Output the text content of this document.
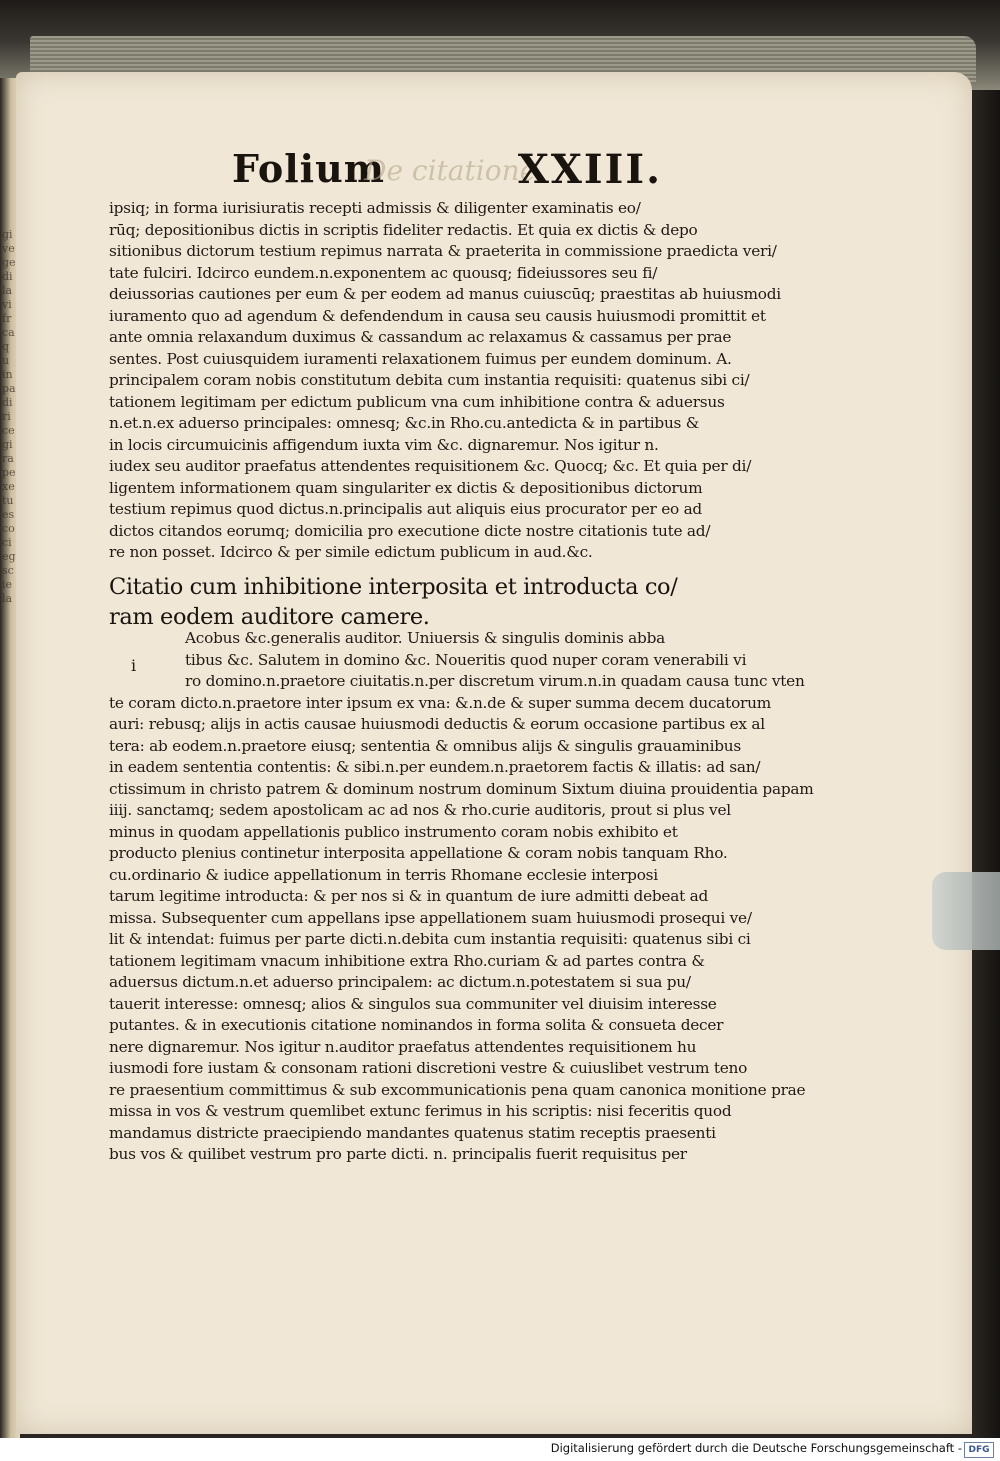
gi ve ge di la vi fr ca qu in pa di ri ce gi ra pe xe tu es co ci eg sc ie la
Folium
De citatione
XXIII.
ipsiq; in forma iurisiuratis recepti admissis & diligenter examinatis eo/
rūq; depositionibus dictis in scriptis fideliter redactis. Et quia ex dictis & depo
sitionibus dictorum testium repimus narrata & praeterita in commissione praedicta veri/
tate fulciri. Idcirco eundem.n.exponentem ac quousq; fideiussores seu fi/
deiussorias cautiones per eum & per eodem ad manus cuiuscūq; praestitas ab huiusmodi
iuramento quo ad agendum & defendendum in causa seu causis huiusmodi promittit et
ante omnia relaxandum duximus & cassandum ac relaxamus & cassamus per prae
sentes. Post cuiusquidem iuramenti relaxationem fuimus per eundem dominum. A.
principalem coram nobis constitutum debita cum instantia requisiti: quatenus sibi ci/
tationem legitimam per edictum publicum vna cum inhibitione contra & aduersus
n.et.n.ex aduerso principales: omnesq; &c.in Rho.cu.antedicta & in partibus &
in locis circumuicinis affigendum iuxta vim &c. dignaremur. Nos igitur n.
iudex seu auditor praefatus attendentes requisitionem &c. Quocq; &c. Et quia per di/
ligentem informationem quam singulariter ex dictis & depositionibus dictorum
testium repimus quod dictus.n.principalis aut aliquis eius procurator per eo ad
dictos citandos eorumq; domicilia pro executione dicte nostre citationis tute ad/
re non posset. Idcirco & per simile edictum publicum in aud.&c.
Citatio cum inhibitione interposita et introducta co/
ram eodem auditore camere.
i
Acobus &c.generalis auditor. Uniuersis & singulis dominis abba
tibus &c. Salutem in domino &c. Noueritis quod nuper coram venerabili vi
ro domino.n.praetore ciuitatis.n.per discretum virum.n.in quadam causa tunc vten
te coram dicto.n.praetore inter ipsum ex vna: &.n.de & super summa decem ducatorum
auri: rebusq; alijs in actis causae huiusmodi deductis & eorum occasione partibus ex al
tera: ab eodem.n.praetore eiusq; sententia & omnibus alijs & singulis grauaminibus
in eadem sententia contentis: & sibi.n.per eundem.n.praetorem factis & illatis: ad san/
ctissimum in christo patrem & dominum nostrum dominum Sixtum diuina prouidentia papam
iiij. sanctamq; sedem apostolicam ac ad nos & rho.curie auditoris, prout si plus vel
minus in quodam appellationis publico instrumento coram nobis exhibito et
producto plenius continetur interposita appellatione & coram nobis tanquam Rho.
cu.ordinario & iudice appellationum in terris Rhomane ecclesie interposi
tarum legitime introducta: & per nos si & in quantum de iure admitti debeat ad
missa. Subsequenter cum appellans ipse appellationem suam huiusmodi prosequi ve/
lit & intendat: fuimus per parte dicti.n.debita cum instantia requisiti: quatenus sibi ci
tationem legitimam vnacum inhibitione extra Rho.curiam & ad partes contra &
aduersus dictum.n.et aduerso principalem: ac dictum.n.potestatem si sua pu/
tauerit interesse: omnesq; alios & singulos sua communiter vel diuisim interesse
putantes. & in executionis citatione nominandos in forma solita & consueta decer
nere dignaremur. Nos igitur n.auditor praefatus attendentes requisitionem hu
iusmodi fore iustam & consonam rationi discretioni vestre & cuiuslibet vestrum teno
re praesentium committimus & sub excommunicationis pena quam canonica monitione prae
missa in vos & vestrum quemlibet extunc ferimus in his scriptis: nisi feceritis quod
mandamus districte praecipiendo mandantes quatenus statim receptis praesenti
bus vos & quilibet vestrum pro parte dicti. n. principalis fuerit requisitus per
Digitalisierung gefördert durch die Deutsche Forschungsgemeinschaft - DFG
